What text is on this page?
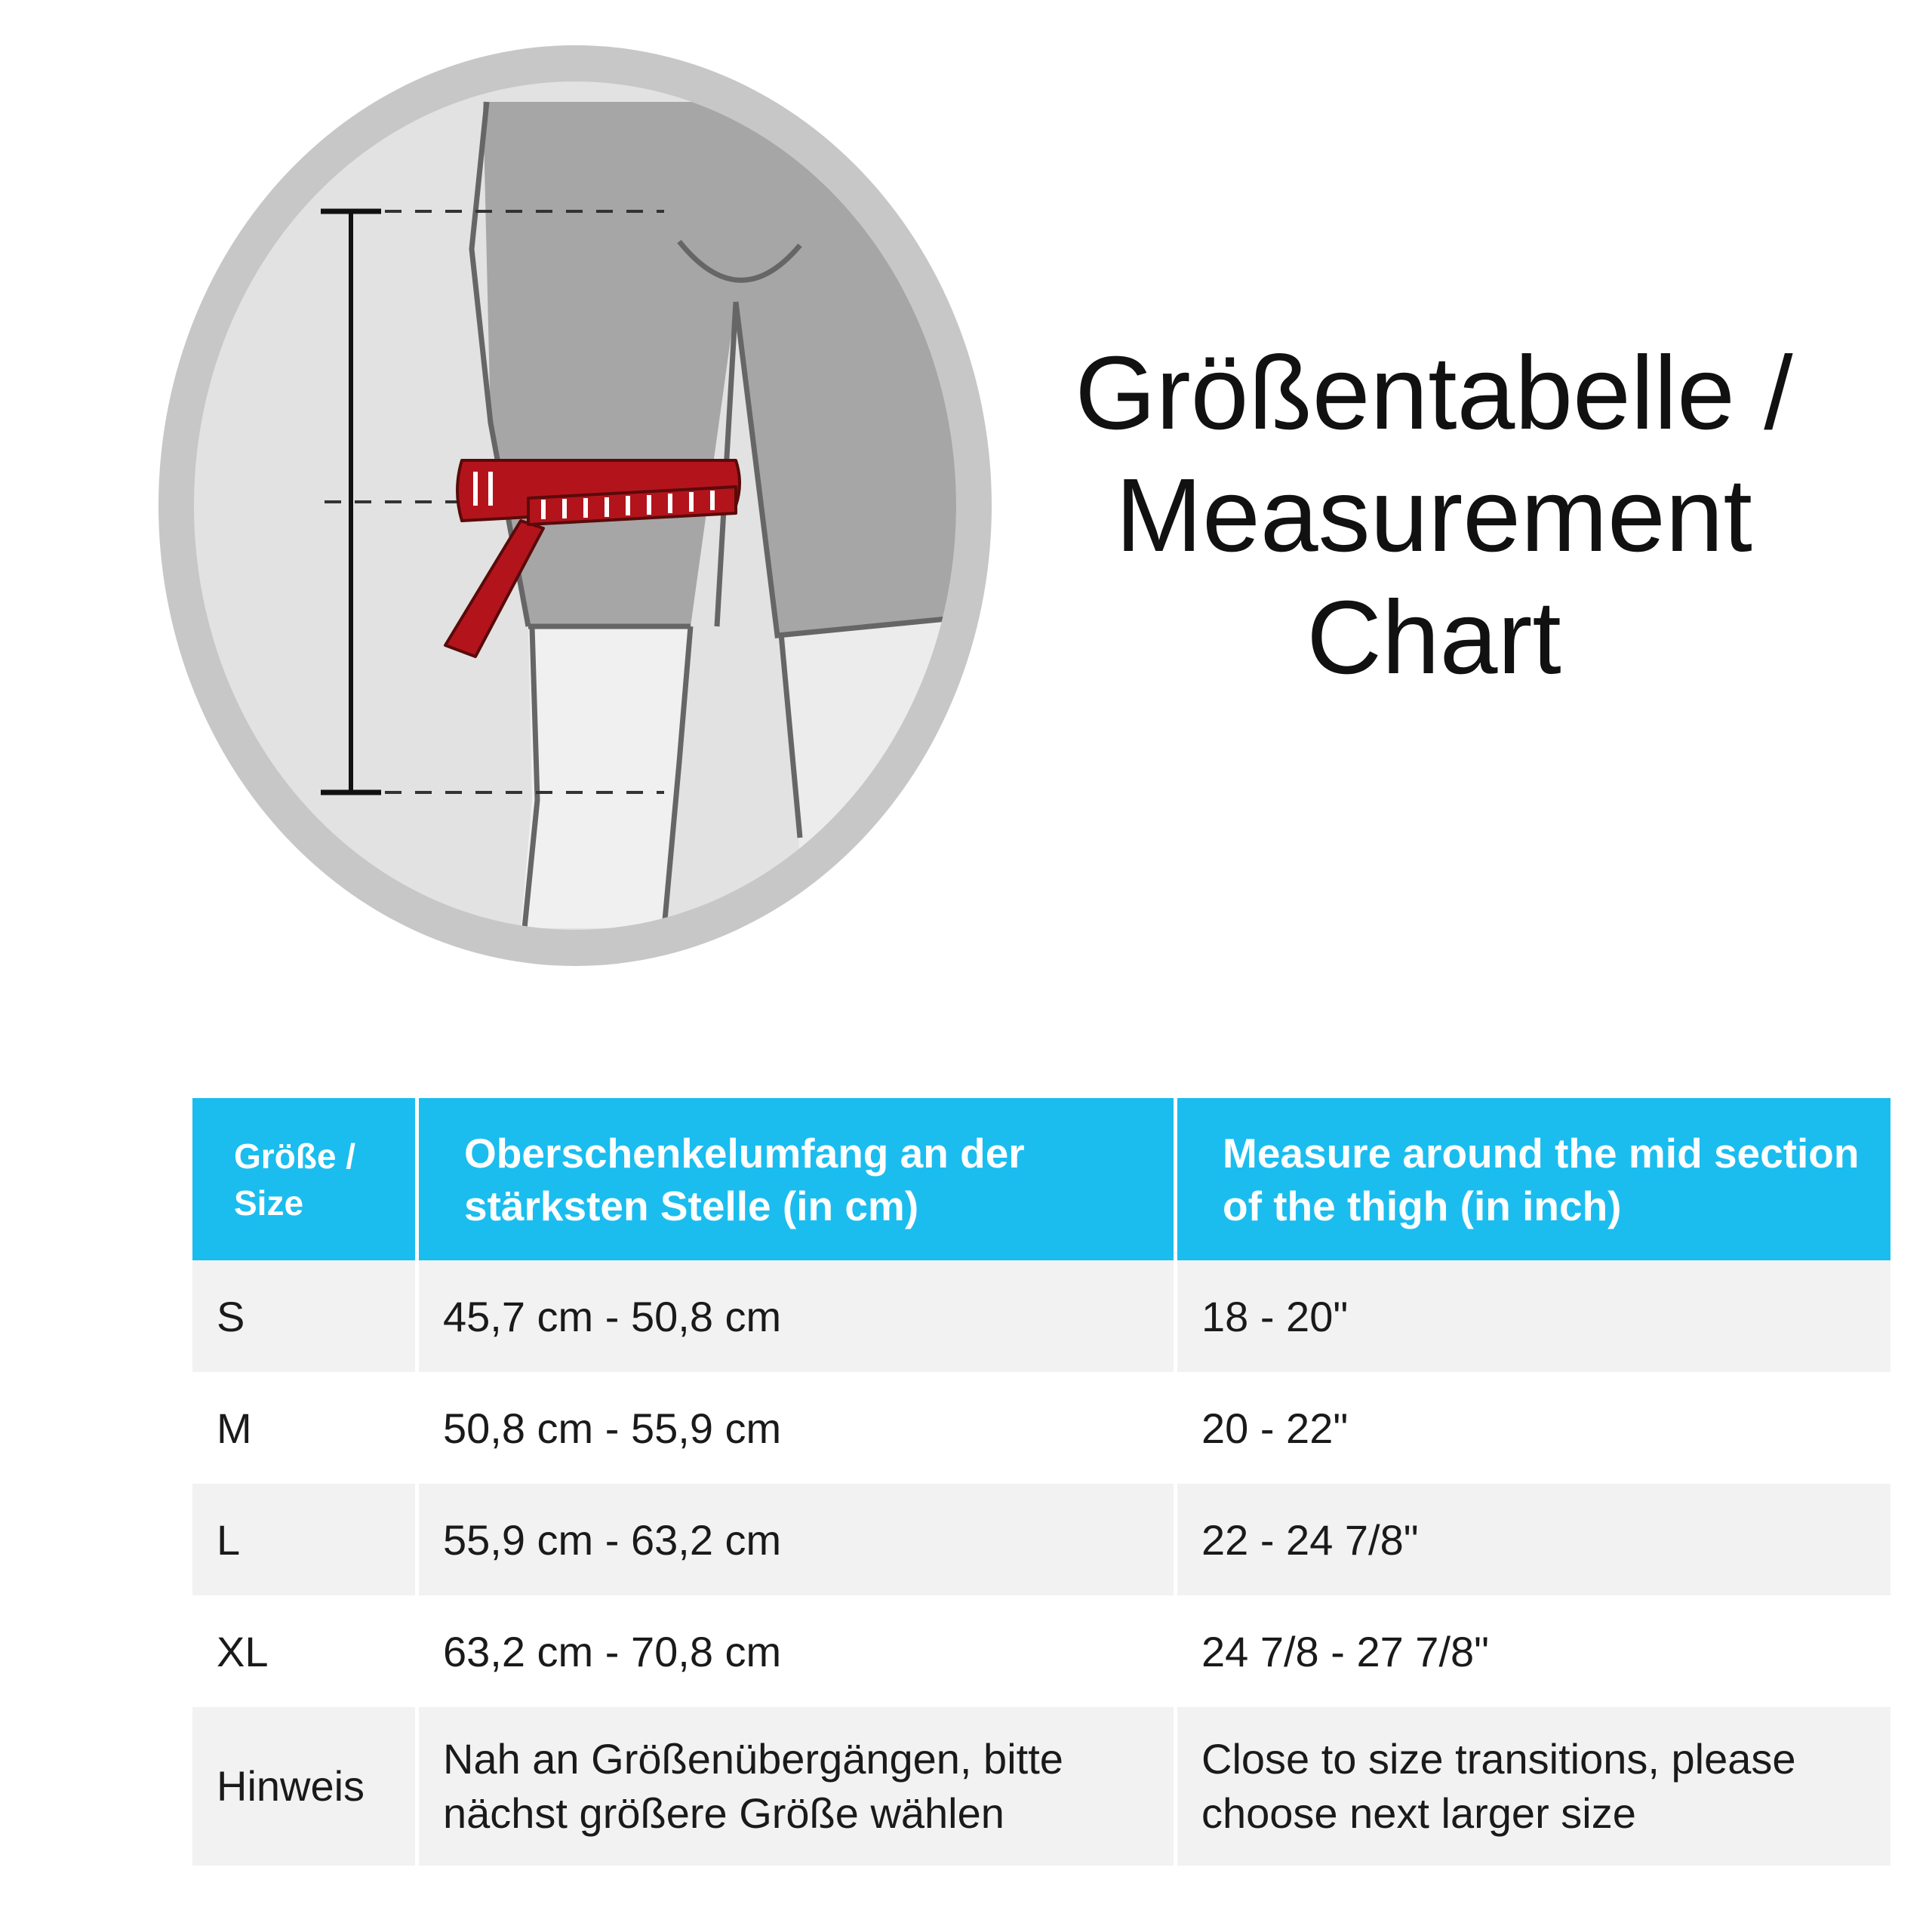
Größentabelle /
Measurement
Chart
Größe / Size	Oberschenkelumfang an der stärksten Stelle (in cm)	Measure around the mid section of the thigh (in inch)
S	45,7 cm - 50,8 cm	18 - 20"
M	50,8 cm - 55,9 cm	20 - 22"
L	55,9 cm - 63,2 cm	22 - 24 7/8"
XL	63,2 cm - 70,8 cm	24 7/8 - 27 7/8"
Hinweis	Nah an Größenübergängen, bitte nächst größere Größe wählen	Close to size transitions, please choose next larger size
